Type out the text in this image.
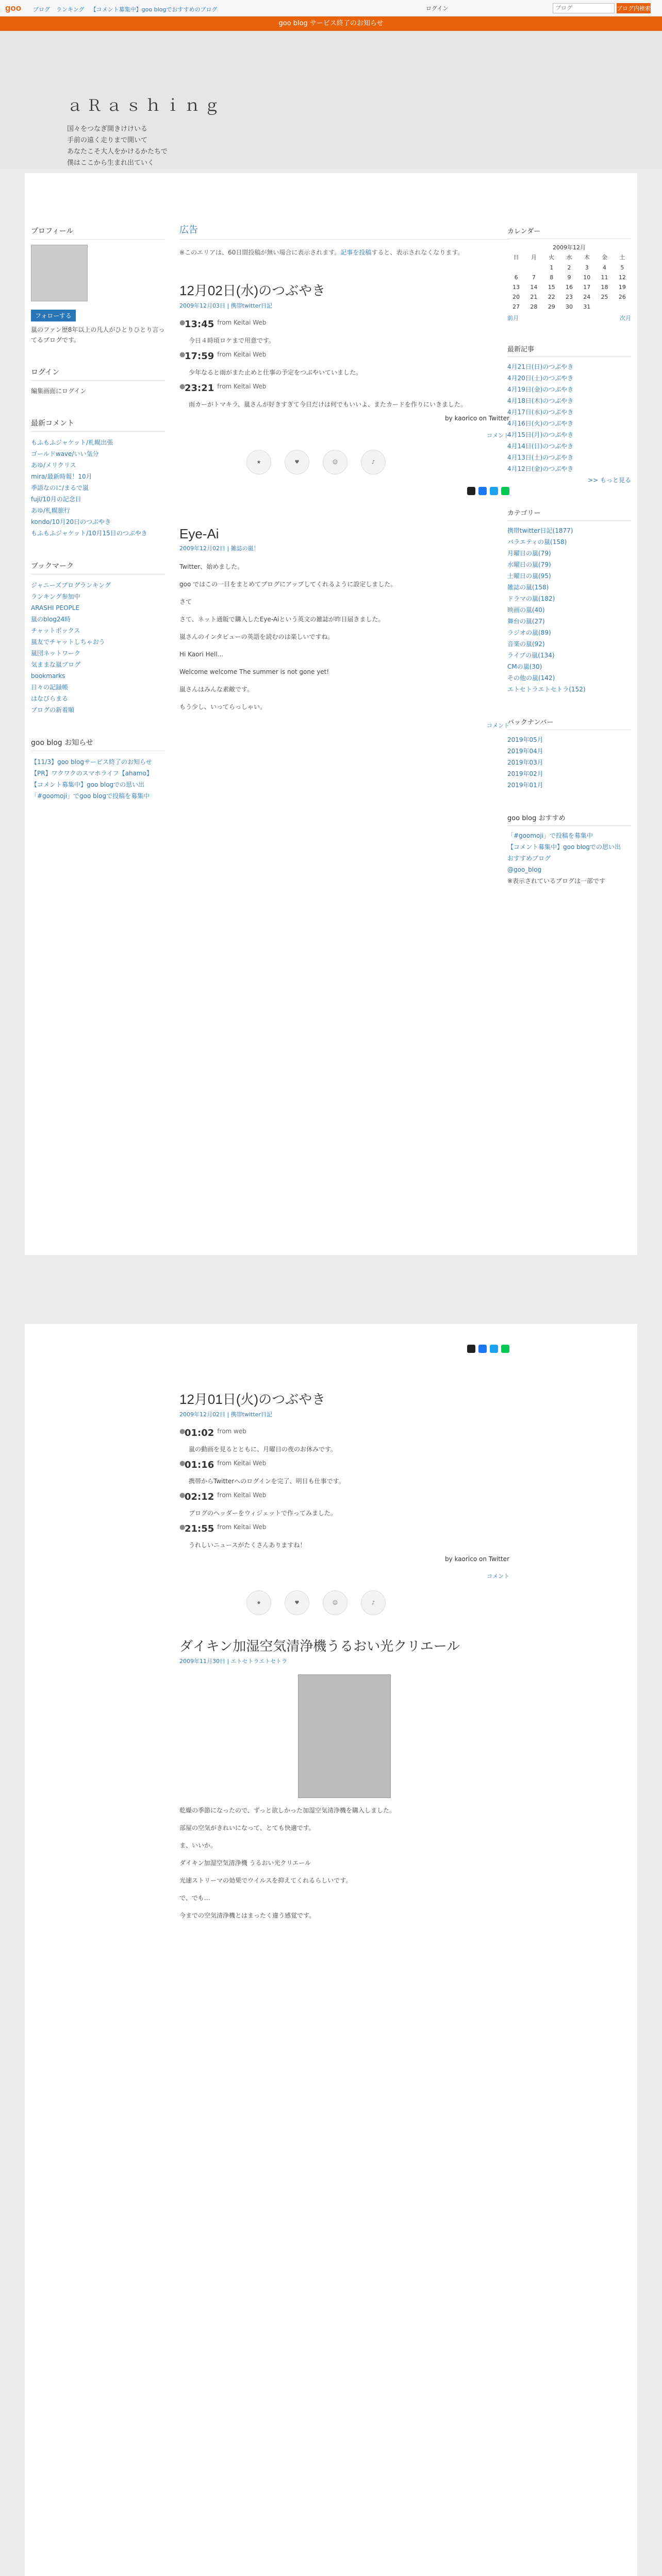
goo ブログ ランキング 【コメント募集中】goo blogでおすすめのブログ	ログイン
ブログ	ブログ内検索
goo blog サービス終了のお知らせ
ａＲａｓｈｉｎｇ
国々をつなぎ開きけけいる
手前の遠く走りまで開いて
あなたこそ大人をかけるかたちで
僕はここから生まれ出ていく
プロフィール
フォローする
嵐のファン歴8年以上の凡人がひとりひとり言ってるブログです。
ログイン
編集画面にログイン
最新コメント
もふもふジャケット/札幌出張
ゴールドwave/いい気分
あゆ/メリクリス
mira/最新時報！10月
季語なのに/まるで嵐
fuji/10月の記念日
あゆ/札幌旅行
kondo/10月20日のつぶやき
もふもふジャケット/10月15日のつぶやき
ブックマーク
ジャニーズブログランキング
ランキング参加中
ARASHI PEOPLE
嵐のblog24時
チャットボックス
嵐友でチャットしちゃおう
嵐団ネットワーク
気ままな嵐ブログ
bookmarks
日々の記録帳
はなびらまる
ブログの新着順
goo blog お知らせ
【11/3】goo blogサービス終了のお知らせ
【PR】ワクワクのスマホライフ【ahamo】
【コメント募集中】goo blogでの思い出
「#goomoji」でgoo blogで投稿を募集中
広告
※このエリアは、60日間投稿が無い場合に表示されます。記事を投稿すると、表示されなくなります。
12月02日(水)のつぶやき
2009年12月03日 | 携帯twitter日記
●
13:45 from Keitai Web
今日４時頃ロケまで用意です。
●
17:59 from Keitai Web
少年なると雨がまた止めと仕事の予定をつぶやいていました。
●
23:21 from Keitai Web
雨カーがトマキラ、嵐さんが好きすぎて今日だけは何でもいいよ、またカードを作りにいきました。
by kaorico on Twitter
コメント
★	♥	☺	♪
Eye-Ai
2009年12月02日 | 雑誌の嵐！

Twitter、始めました。

goo ではこの一日をまとめてブログにアップしてくれるように設定しました。

さて

さて、ネット通販で購入したEye-Aiという英文の雑誌が昨日届きました。

嵐さんのインタビューの英語を読むのは楽しいですね。

Hi Kaori Hell...

Welcome welcome The summer is not gone yet!

嵐さんはみんな素敵です。

もう少し、いってらっしゃい。

コメント
カレンダー
2009年12月
日	月	火	水	木	金	土
		1	2	3	4	5
6	7	8	9	10	11	12
13	14	15	16	17	18	19
20	21	22	23	24	25	26
27	28	29	30	31		
前月	次月
最新記事
4月21日(日)のつぶやき
4月20日(土)のつぶやき
4月19日(金)のつぶやき
4月18日(木)のつぶやき
4月17日(水)のつぶやき
4月16日(火)のつぶやき
4月15日(月)のつぶやき
4月14日(日)のつぶやき
4月13日(土)のつぶやき
4月12日(金)のつぶやき
>> もっと見る
カテゴリー
携帯twitter日記(1877)
バラエティの嵐(158)
月曜日の嵐(79)
水曜日の嵐(79)
土曜日の嵐(95)
雑誌の嵐(158)
ドラマの嵐(182)
映画の嵐(40)
舞台の嵐(27)
ラジオの嵐(89)
音楽の嵐(92)
ライブの嵐(134)
CMの嵐(30)
その他の嵐(142)
エトセトラエトセトラ(152)
バックナンバー
2019年05月
2019年04月
2019年03月
2019年02月
2019年01月
goo blog おすすめ
「#goomoji」で投稿を募集中
【コメント募集中】goo blogでの思い出
おすすめブログ
@goo_blog
※表示されているブログは一部です
12月01日(火)のつぶやき
2009年12月02日 | 携帯twitter日記
●
01:02 from web
嵐の動画を見るとともに、月曜日の夜のお休みです。
●
01:16 from Keitai Web
携帯からTwitterへのログインを完了、明日も仕事です。
●
02:12 from Keitai Web
ブログのヘッダーをウィジェットで作ってみました。
●
21:55 from Keitai Web
うれしいニュースがたくさんありますね！
by kaorico on Twitter
コメント
★	♥	☺	♪
ダイキン加湿空気清浄機うるおい光クリエール
2009年11月30日 | エトセトラエトセトラ

乾燥の季節になったので、ずっと欲しかった加湿空気清浄機を購入しました。

部屋の空気がきれいになって、とても快適です。

ま、いいか。

ダイキン加湿空気清浄機 うるおい光クリエール

光速ストリーマの効果でウイルスを抑えてくれるらしいです。

で、でも…

今までの空気清浄機とはまったく違う感覚です。
